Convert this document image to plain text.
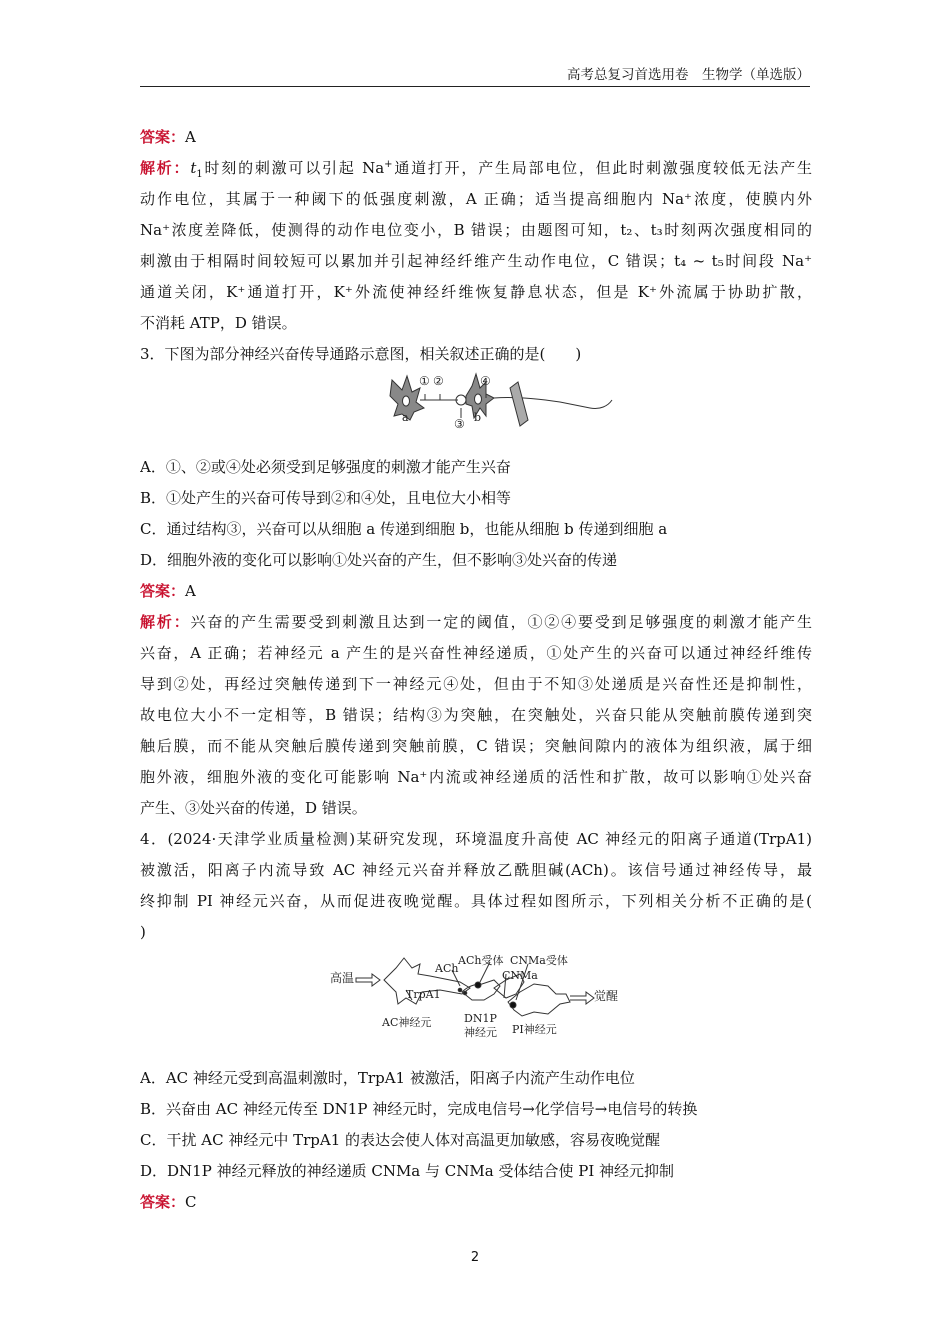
高考总复习首选用卷　生物学（单选版）
答案：A
解析：$t_1$时刻的刺激可以引起 Na+通道打开，产生局部电位，但此时刺激强度较低无法产生
动作电位，其属于一种阈下的低强度刺激，A 正确；适当提高细胞内 Na⁺浓度，使膜内外
Na⁺浓度差降低，使测得的动作电位变小，B 错误；由题图可知，t₂、t₃时刻两次强度相同的
刺激由于相隔时间较短可以累加并引起神经纤维产生动作电位，C 错误；t₄ ~ t₅时间段 Na⁺
通道关闭，K⁺通道打开，K⁺外流使神经纤维恢复静息状态，但是 K⁺外流属于协助扩散，
不消耗 ATP，D 错误。
3．下图为部分神经兴奋传导通路示意图，相关叙述正确的是(　　)
① ②	④
③
a	b
A．①、②或④处必须受到足够强度的刺激才能产生兴奋
B．①处产生的兴奋可传导到②和④处，且电位大小相等
C．通过结构③，兴奋可以从细胞 a 传递到细胞 b，也能从细胞 b 传递到细胞 a
D．细胞外液的变化可以影响①处兴奋的产生，但不影响③处兴奋的传递
答案：A
解析：兴奋的产生需要受到刺激且达到一定的阈值，①②④要受到足够强度的刺激才能产生
兴奋，A 正确；若神经元 a 产生的是兴奋性神经递质，①处产生的兴奋可以通过神经纤维传
导到②处，再经过突触传递到下一神经元④处，但由于不知③处递质是兴奋性还是抑制性，
故电位大小不一定相等，B 错误；结构③为突触，在突触处，兴奋只能从突触前膜传递到突
触后膜，而不能从突触后膜传递到突触前膜，C 错误；突触间隙内的液体为组织液，属于细
胞外液，细胞外液的变化可能影响 Na⁺内流或神经递质的活性和扩散，故可以影响①处兴奋
产生、③处兴奋的传递，D 错误。
4．(2024·天津学业质量检测)某研究发现，环境温度升高使 AC 神经元的阳离子通道(TrpA1)
被激活，阳离子内流导致 AC 神经元兴奋并释放乙酰胆碱(ACh)。该信号通过神经传导，最
终抑制 PI 神经元兴奋，从而促进夜晚觉醒。具体过程如图所示，下列相关分析不正确的是(
)
高温
TrpA1
ACh
ACh受体
CNMa
CNMa受体
觉醒
AC神经元	DN1P
神经元 PI神经元
A．AC 神经元受到高温刺激时，TrpA1 被激活，阳离子内流产生动作电位
B．兴奋由 AC 神经元传至 DN1P 神经元时，完成电信号→化学信号→电信号的转换
C．干扰 AC 神经元中 TrpA1 的表达会使人体对高温更加敏感，容易夜晚觉醒
D．DN1P 神经元释放的神经递质 CNMa 与 CNMa 受体结合使 PI 神经元抑制
答案：C
2
